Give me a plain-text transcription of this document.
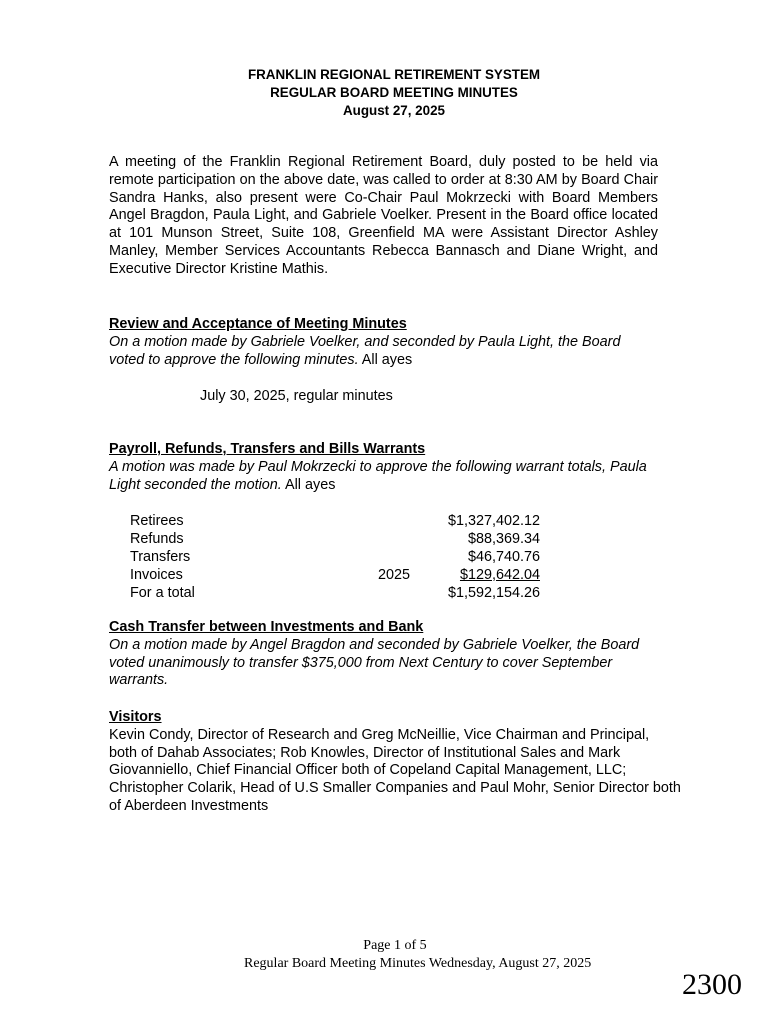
FRANKLIN REGIONAL RETIREMENT SYSTEM
REGULAR BOARD MEETING MINUTES
August 27, 2025
A meeting of the Franklin Regional Retirement Board, duly posted to be held via remote participation on the above date, was called to order at 8:30 AM by Board Chair Sandra Hanks, also present were Co-Chair Paul Mokrzecki with Board Members Angel Bragdon, Paula Light, and Gabriele Voelker. Present in the Board office located at 101 Munson Street, Suite 108, Greenfield MA were Assistant Director Ashley Manley, Member Services Accountants Rebecca Bannasch and Diane Wright, and Executive Director Kristine Mathis.
Review and Acceptance of Meeting Minutes
On a motion made by Gabriele Voelker, and seconded by Paula Light, the Board voted to approve the following minutes. All ayes
July 30, 2025, regular minutes
Payroll, Refunds, Transfers and Bills Warrants
A motion was made by Paul Mokrzecki to approve the following warrant totals, Paula Light seconded the motion. All ayes
Retirees	$1,327,402.12
Refunds	$88,369.34
Transfers	$46,740.76
Invoices	2025	$129,642.04
For a total	$1,592,154.26
Cash Transfer between Investments and Bank
On a motion made by Angel Bragdon and seconded by Gabriele Voelker, the Board voted unanimously to transfer $375,000 from Next Century to cover September warrants.
Visitors
Kevin Condy, Director of Research and Greg McNeillie, Vice Chairman and Principal, both of Dahab Associates; Rob Knowles, Director of Institutional Sales and Mark Giovanniello, Chief Financial Officer both of Copeland Capital Management, LLC; Christopher Colarik, Head of U.S Smaller Companies and Paul Mohr, Senior Director both of Aberdeen Investments
Page 1 of 5
Regular Board Meeting Minutes Wednesday, August 27, 2025
2300
